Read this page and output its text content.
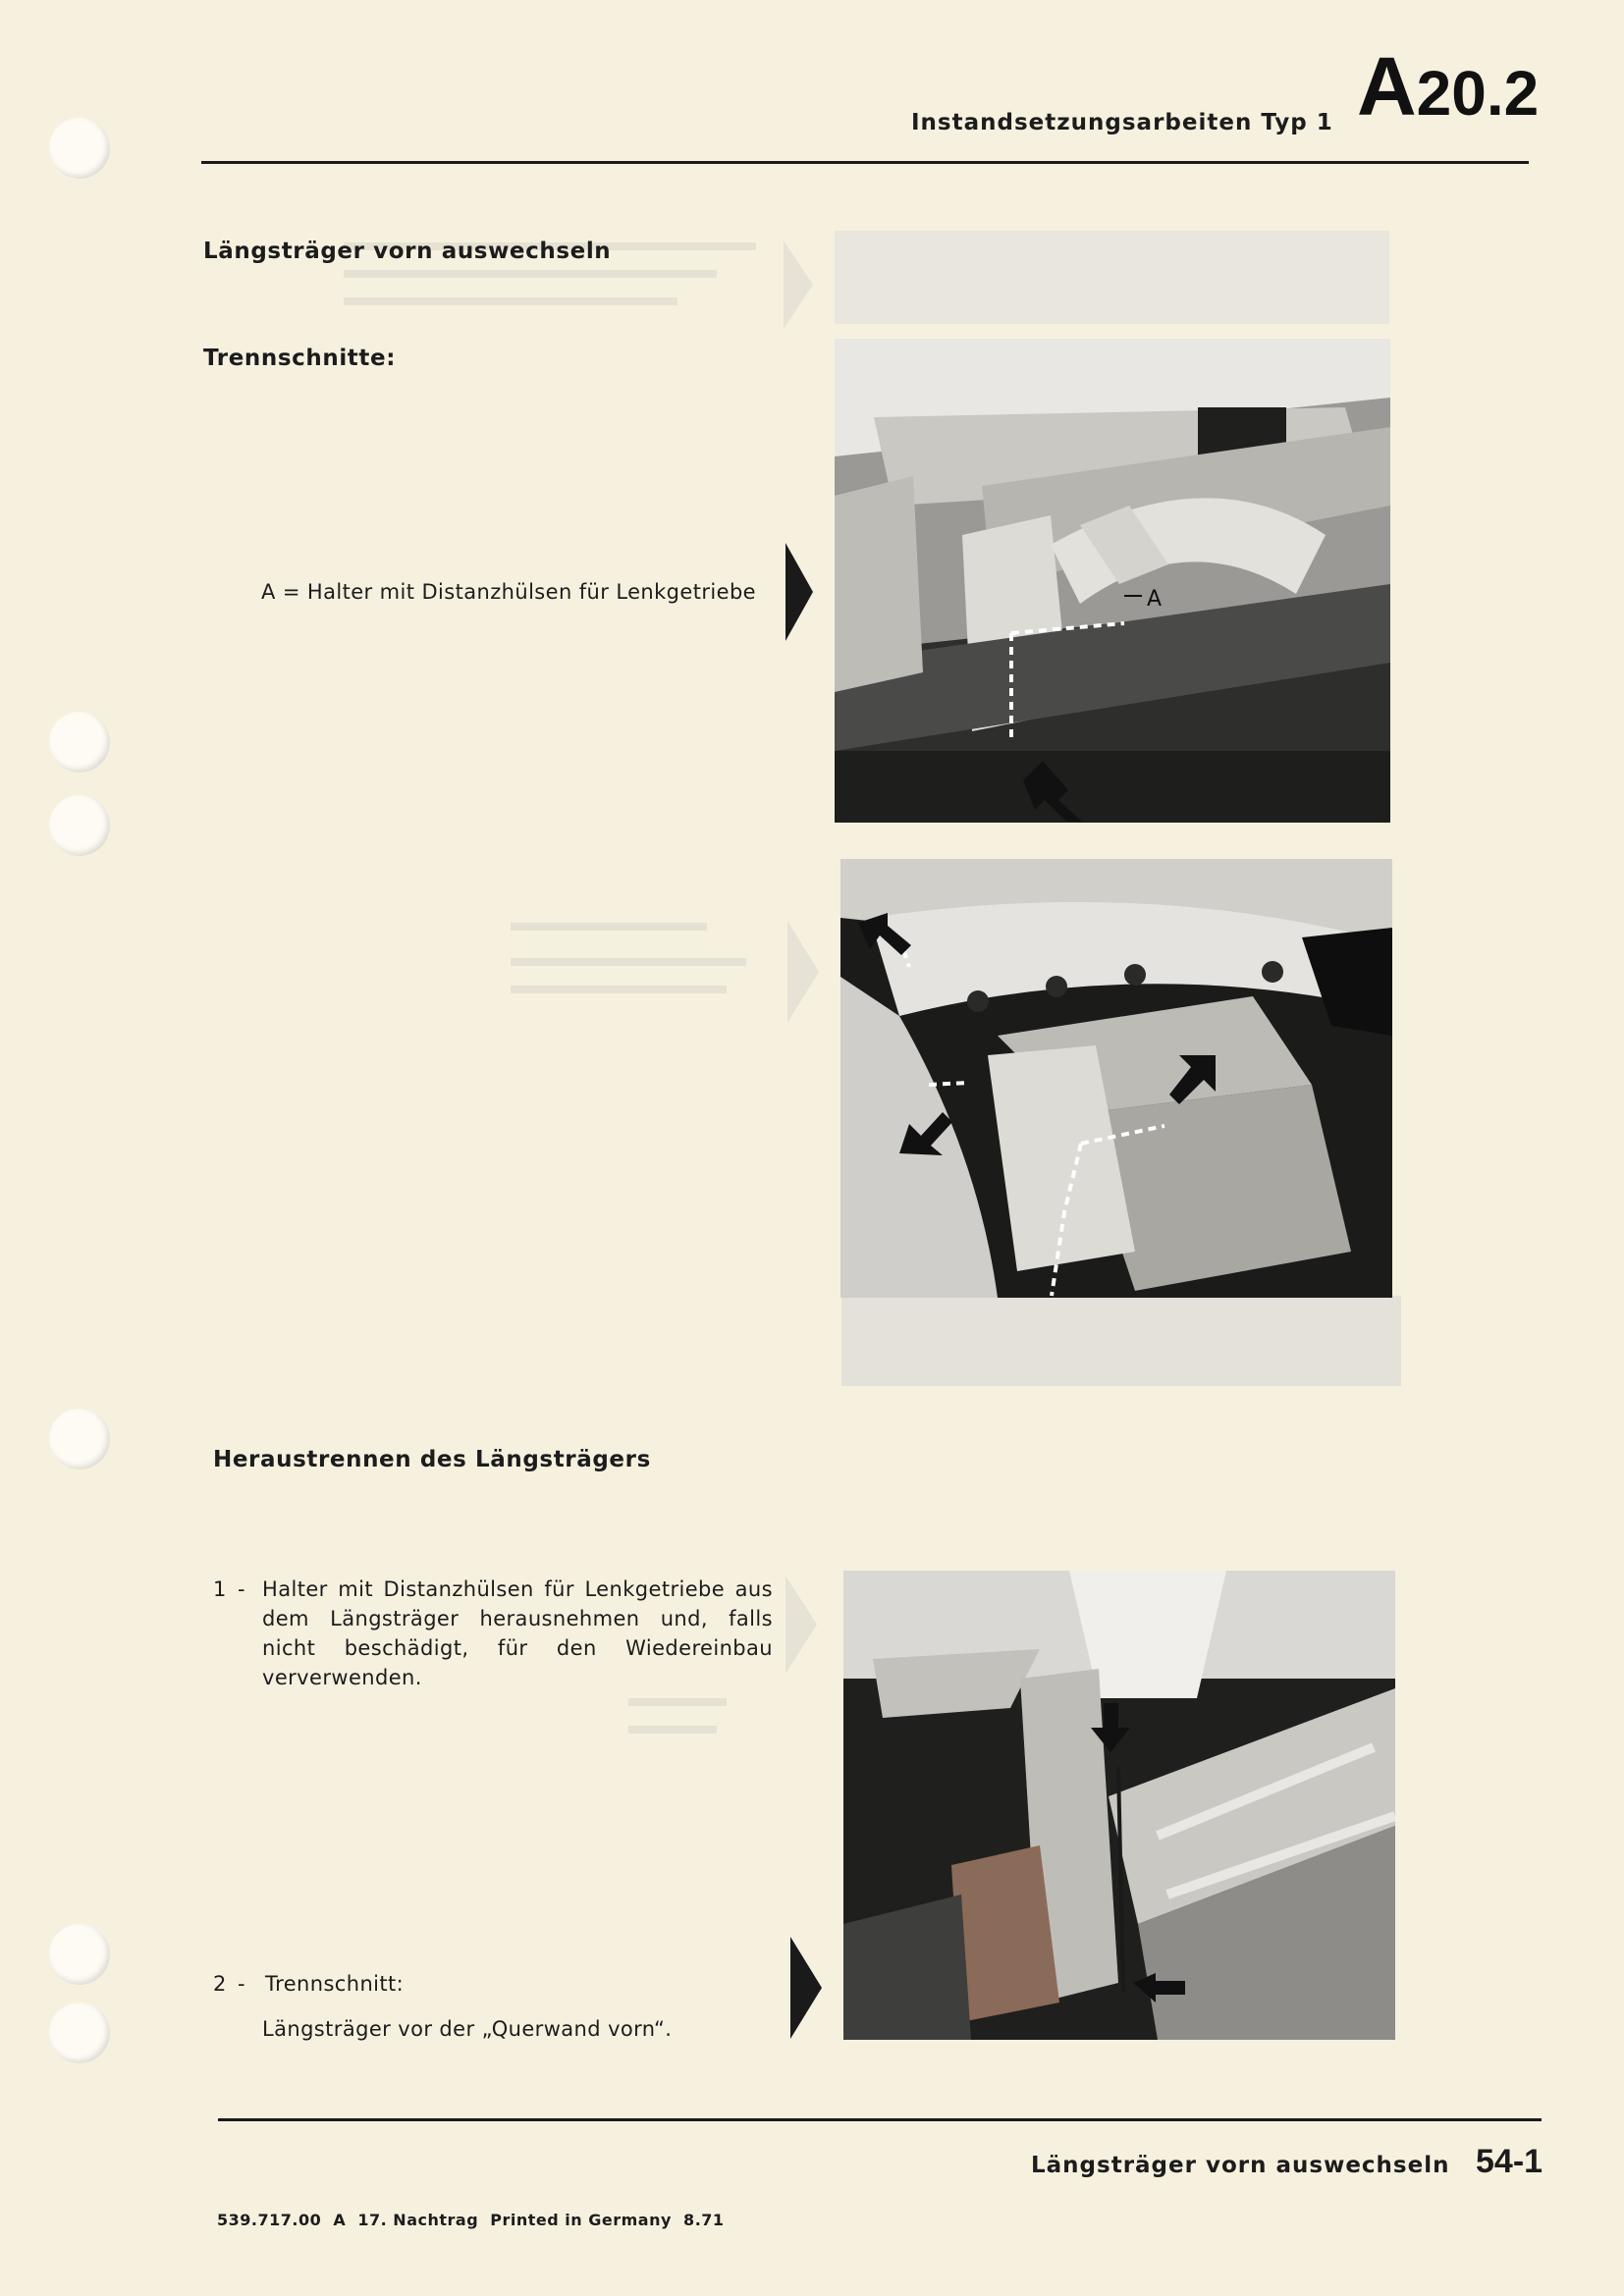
Instandsetzungsarbeiten Typ 1 A20.2
Längsträger vorn auswechseln
Trennschnitte:
A = Halter mit Distanzhülsen für Lenkgetriebe	A
Heraustrennen des Längsträgers
1 - Halter mit Distanzhülsen für Lenkgetriebe aus dem Längsträger herausnehmen und, falls nicht beschädigt, für den Wiedereinbau ververwenden.
2 - Trennschnitt:
Längsträger vor der „Querwand vorn“.
Längsträger vorn auswechseln 54-1
539.717.00  A  17. Nachtrag  Printed in Germany  8.71
